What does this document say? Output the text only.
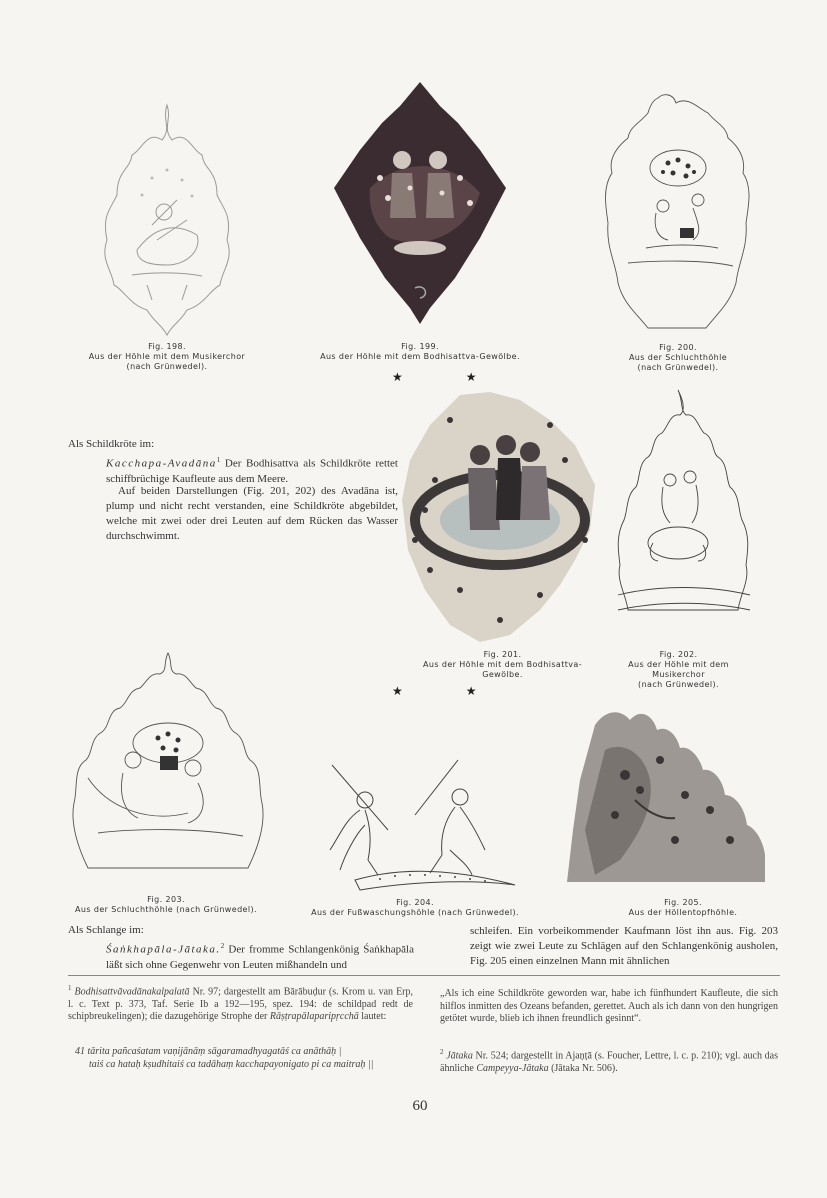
Fig. 198.
Aus der Höhle mit dem Musikerchor
(nach Grünwedel).
Fig. 199.
Aus der Höhle mit dem Bodhisattva-Gewölbe.
Fig. 200.
Aus der Schluchthöhle
(nach Grünwedel).
★ ★
Als Schildkröte im:
Kacchapa-Avadāna$^1$ Der Bodhisattva als Schildkröte rettet schiffbrüchige Kaufleute aus dem Meere.
Auf beiden Darstellungen (Fig. 201, 202) des Avadāna ist, plump und nicht recht verstanden, eine Schildkröte abgebildet, welche mit zwei oder drei Leuten auf dem Rücken das Wasser durchschwimmt.
Fig. 201.
Aus der Höhle mit dem Bodhisattva-
Gewölbe.
Fig. 202.
Aus der Höhle mit dem Musikerchor
(nach Grünwedel).
★ ★
Fig. 203.
Aus der Schluchthöhle (nach Grünwedel).
Fig. 204.
Aus der Fußwaschungshöhle (nach Grünwedel).
Fig. 205.
Aus der Höllentopfhöhle.
Als Schlange im:
Śaṅkhapāla-Jātaka.$^2$ Der fromme Schlangenkönig Śaṅkhapāla läßt sich ohne Gegenwehr von Leuten mißhandeln und
schleifen. Ein vorbeikommender Kaufmann löst ihn aus. Fig. 203 zeigt wie zwei Leute zu Schlägen auf den Schlangenkönig ausholen, Fig. 205 einen einzelnen Mann mit ähnlichen
$^1$ Bodhisattvāvadānakalpalatā Nr. 97; dargestellt am Bārābuḍur (s. Krom u. van Erp, l. c. Text p. 373, Taf. Serie Ib a 192—195, spez. 194: de schildpad redt de schipbreukelingen); die dazugehörige Strophe der Rāṣṭrapālaparipṛcchā lautet:
41 tārita pañcaśatam vaṇijānāṃ sāgaramadhyagatāś ca anāthāḥ |
taiś ca hataḥ kṣudhitaiś ca tadāhaṃ kacchapayonigato pi ca maitraḥ ||
„Als ich eine Schildkröte geworden war, habe ich fünfhundert Kaufleute, die sich hilflos inmitten des Ozeans befanden, gerettet. Auch als ich dann von den hungrigen getötet wurde, blieb ich ihnen freundlich gesinnt“.
$^2$ Jātaka Nr. 524; dargestellt in Ajaṇṭā (s. Foucher, Lettre, l. c. p. 210); vgl. auch das ähnliche Campeyya-Jātaka (Jātaka Nr. 506).
60
